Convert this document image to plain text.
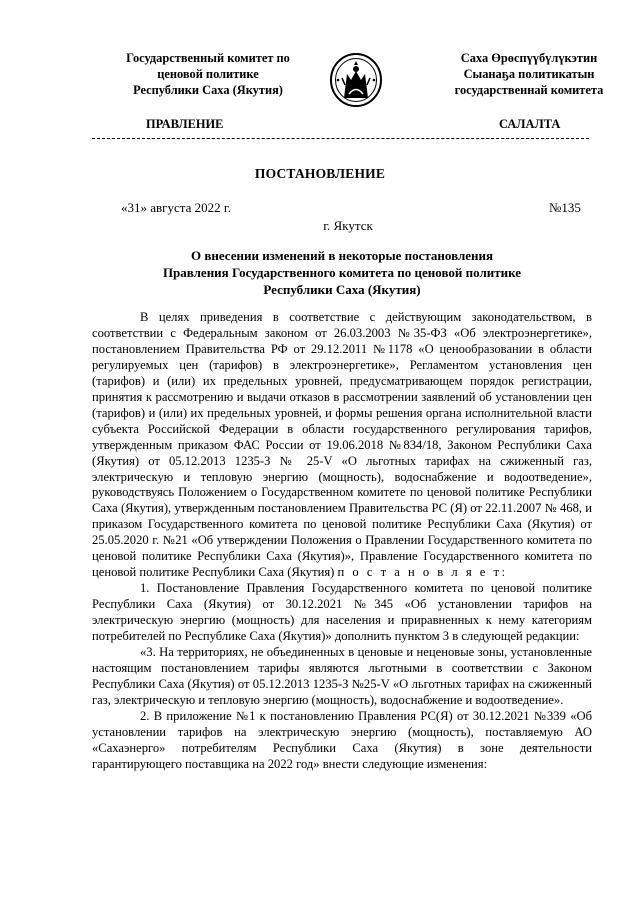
Государственный комитет по
ценовой политике
Республики Саха (Якутия)
Саха Өрөспүүбүлүкэтин
Сыанаҕа политикатын
государственнай комитета
ПРАВЛЕНИЕ	САЛАЛТА
ПОСТАНОВЛЕНИЕ
«31» августа 2022 г.	№135
г. Якутск
О внесении изменений в некоторые постановления
Правления Государственного комитета по ценовой политике
Республики Саха (Якутия)

В целях приведения в соответствие с действующим законодательством, в соответствии с Федеральным законом от 26.03.2003 №35-ФЗ «Об электроэнергетике», постановлением Правительства РФ от 29.12.2011 №1178 «О ценообразовании в области регулируемых цен (тарифов) в электроэнергетике», Регламентом установления цен (тарифов) и (или) их предельных уровней, предусматривающем порядок регистрации, принятия к рассмотрению и выдачи отказов в рассмотрении заявлений об установлении цен (тарифов) и (или) их предельных уровней, и формы решения органа исполнительной власти субъекта Российской Федерации в области государственного регулирования тарифов, утвержденным приказом ФАС России от 19.06.2018 №834/18, Законом Республики Саха (Якутия) от 05.12.2013 1235-З № 25-V «О льготных тарифах на сжиженный газ, электрическую и тепловую энергию (мощность), водоснабжение и водоотведение», руководствуясь Положением о Государственном комитете по ценовой политике Республики Саха (Якутия), утвержденным постановлением Правительства РС (Я) от 22.11.2007 № 468, и приказом Государственного комитета по ценовой политике Республики Саха (Якутия) от 25.05.2020 г. №21 «Об утверждении Положения о Правлении Государственного комитета по ценовой политике Республики Саха (Якутия)», Правление Государственного комитета по ценовой политике Республики Саха (Якутия) п о с т а н о в л я е т:

1. Постановление Правления Государственного комитета по ценовой политике Республики Саха (Якутия) от 30.12.2021 №345 «Об установлении тарифов на электрическую энергию (мощность) для населения и приравненных к нему категориям потребителей по Республике Саха (Якутия)» дополнить пунктом 3 в следующей редакции:

«3. На территориях, не объединенных в ценовые и неценовые зоны, установленные настоящим постановлением тарифы являются льготными в соответствии с Законом Республики Саха (Якутия) от 05.12.2013 1235-З №25-V «О льготных тарифах на сжиженный газ, электрическую и тепловую энергию (мощность), водоснабжение и водоотведение».

2. В приложение №1 к постановлению Правления РС(Я) от 30.12.2021 №339 «Об установлении тарифов на электрическую энергию (мощность), поставляемую АО «Сахаэнерго» потребителям Республики Саха (Якутия) в зоне деятельности гарантирующего поставщика на 2022 год» внести следующие изменения:
